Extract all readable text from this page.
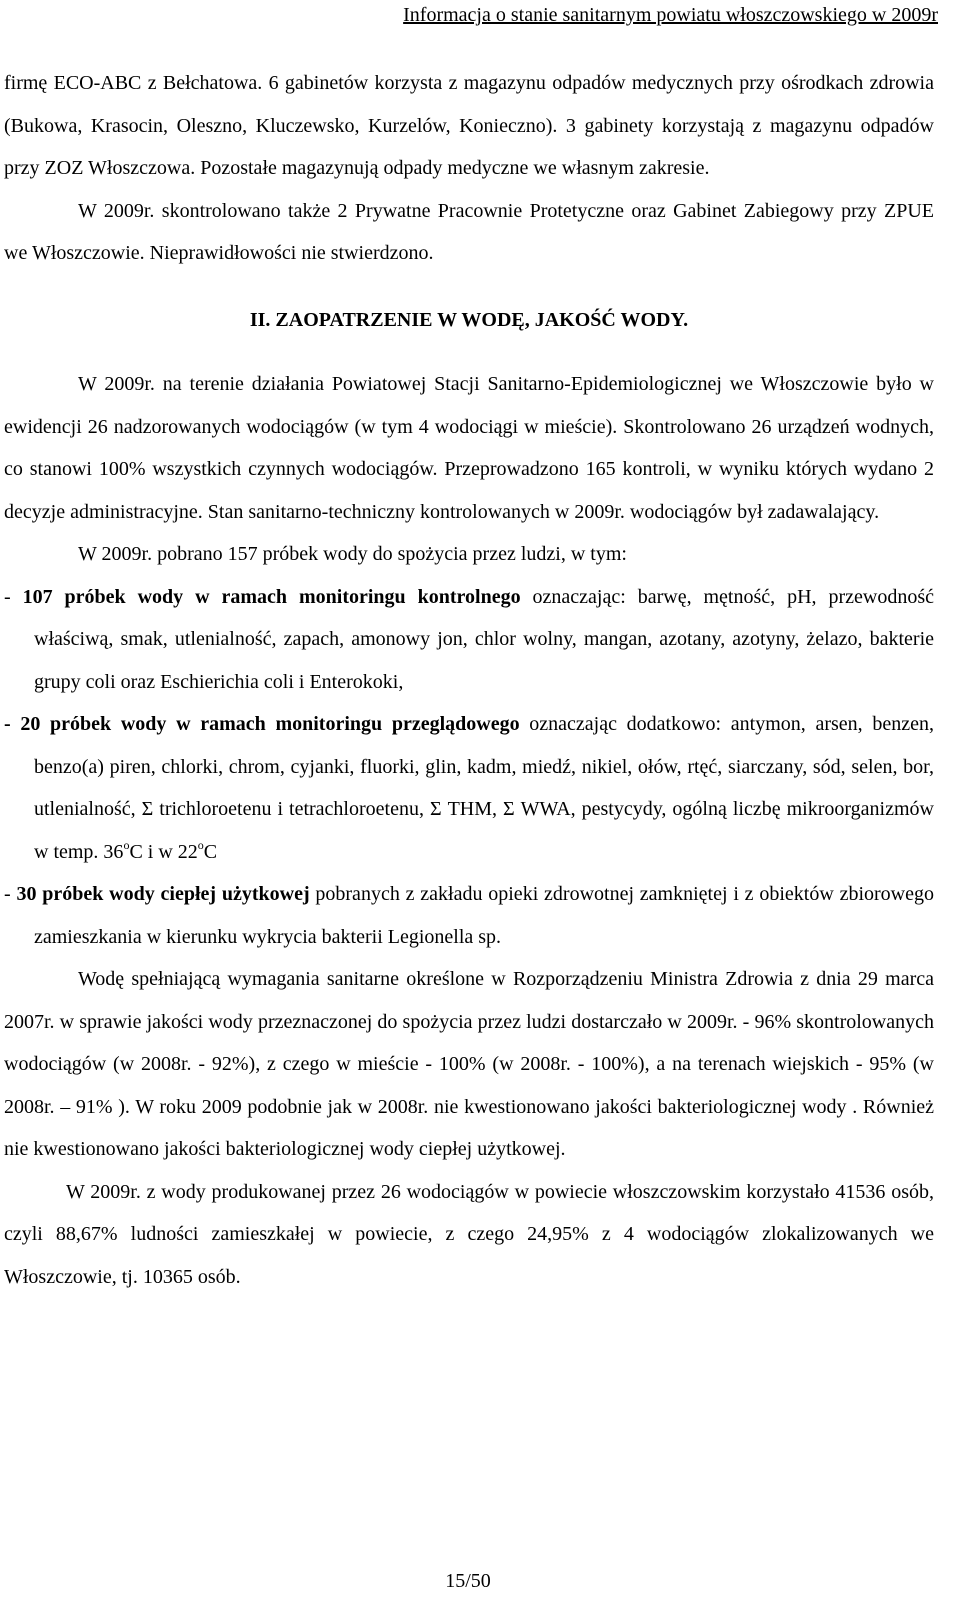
Informacja o stanie sanitarnym powiatu włoszczowskiego w 2009r

firmę ECO-ABC z Bełchatowa. 6 gabinetów korzysta z magazynu odpadów medycznych przy ośrodkach zdrowia (Bukowa, Krasocin, Oleszno, Kluczewsko, Kurzelów, Konieczno). 3 gabinety korzystają z magazynu odpadów przy ZOZ Włoszczowa. Pozostałe magazynują odpady medyczne we własnym zakresie.

W 2009r. skontrolowano także 2 Prywatne Pracownie Protetyczne oraz Gabinet Zabiegowy przy ZPUE we Włoszczowie. Nieprawidłowości nie stwierdzono.

II. ZAOPATRZENIE W WODĘ, JAKOŚĆ WODY.

W 2009r. na terenie działania Powiatowej Stacji Sanitarno-Epidemiologicznej we Włoszczowie było w ewidencji 26 nadzorowanych wodociągów (w tym 4 wodociągi w mieście). Skontrolowano 26 urządzeń wodnych, co stanowi 100% wszystkich czynnych wodociągów. Przeprowadzono 165 kontroli, w wyniku których wydano 2 decyzje administracyjne. Stan sanitarno-techniczny kontrolowanych w 2009r. wodociągów był zadawalający.

W 2009r. pobrano 157 próbek wody do spożycia przez ludzi, w tym:

- 107 próbek wody w ramach monitoringu kontrolnego oznaczając: barwę, mętność, pH, przewodność właściwą, smak, utlenialność, zapach, amonowy jon, chlor wolny, mangan, azotany, azotyny, żelazo, bakterie grupy coli oraz Eschierichia coli i Enterokoki,

- 20 próbek wody w ramach monitoringu przeglądowego oznaczając dodatkowo: antymon, arsen, benzen, benzo(a) piren, chlorki, chrom, cyjanki, fluorki, glin, kadm, miedź, nikiel, ołów, rtęć, siarczany, sód, selen, bor, utlenialność, Σ trichloroetenu i tetrachloroetenu, Σ THM, Σ WWA, pestycydy, ogólną liczbę mikroorganizmów w temp. 36$^o$C i w 22$^o$C

- 30 próbek wody ciepłej użytkowej pobranych z zakładu opieki zdrowotnej zamkniętej i z obiektów zbiorowego zamieszkania w kierunku wykrycia bakterii Legionella sp.

Wodę spełniającą wymagania sanitarne określone w Rozporządzeniu Ministra Zdrowia z dnia 29 marca 2007r. w sprawie jakości wody przeznaczonej do spożycia przez ludzi dostarczało w 2009r. - 96% skontrolowanych wodociągów (w 2008r. - 92%), z czego w mieście - 100% (w 2008r. - 100%), a na terenach wiejskich - 95% (w 2008r. – 91% ). W roku 2009 podobnie jak w 2008r. nie kwestionowano jakości bakteriologicznej wody . Również nie kwestionowano jakości bakteriologicznej wody ciepłej użytkowej.

W 2009r. z wody produkowanej przez 26 wodociągów w powiecie włoszczowskim korzystało 41536 osób, czyli 88,67% ludności zamieszkałej w powiecie, z czego 24,95% z 4 wodociągów zlokalizowanych we Włoszczowie, tj. 10365 osób.

15/50
